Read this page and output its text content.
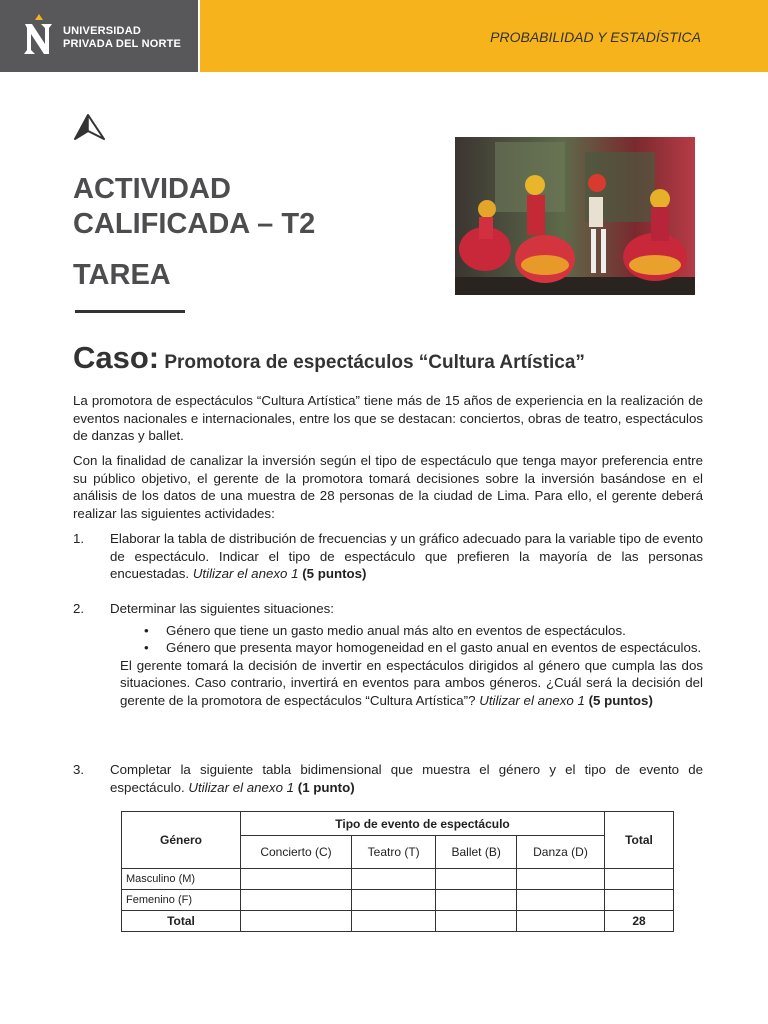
UNIVERSIDAD
PRIVADA DEL NORTE	PROBABILIDAD Y ESTADÍSTICA
ACTIVIDAD
CALIFICADA – T2
TAREA
Caso: Promotora de espectáculos “Cultura Artística”

La promotora de espectáculos “Cultura Artística” tiene más de 15 años de experiencia en la realización de eventos nacionales e internacionales, entre los que se destacan: conciertos, obras de teatro, espectáculos de danzas y ballet.

Con la finalidad de canalizar la inversión según el tipo de espectáculo que tenga mayor preferencia entre su público objetivo, el gerente de la promotora tomará decisiones sobre la inversión basándose en el análisis de los datos de una muestra de 28 personas de la ciudad de Lima. Para ello, el gerente deberá realizar las siguientes actividades:

1. Elaborar la tabla de distribución de frecuencias y un gráfico adecuado para la variable tipo de evento de espectáculo. Indicar el tipo de espectáculo que prefieren la mayoría de las personas encuestadas. Utilizar el anexo 1 (5 puntos)
2. Determinar las siguientes situaciones:
• Género que tiene un gasto medio anual más alto en eventos de espectáculos.
• Género que presenta mayor homogeneidad en el gasto anual en eventos de espectáculos.
El gerente tomará la decisión de invertir en espectáculos dirigidos al género que cumpla las dos situaciones. Caso contrario, invertirá en eventos para ambos géneros. ¿Cuál será la decisión del gerente de la promotora de espectáculos “Cultura Artística”? Utilizar el anexo 1 (5 puntos)
3. Completar la siguiente tabla bidimensional que muestra el género y el tipo de evento de espectáculo. Utilizar el anexo 1 (1 punto)
Género	Tipo de evento de espectáculo				Total
	Concierto (C)	Teatro (T)	Ballet (B)	Danza (D)	
Masculino (M)					
Femenino (F)					
Total					28
